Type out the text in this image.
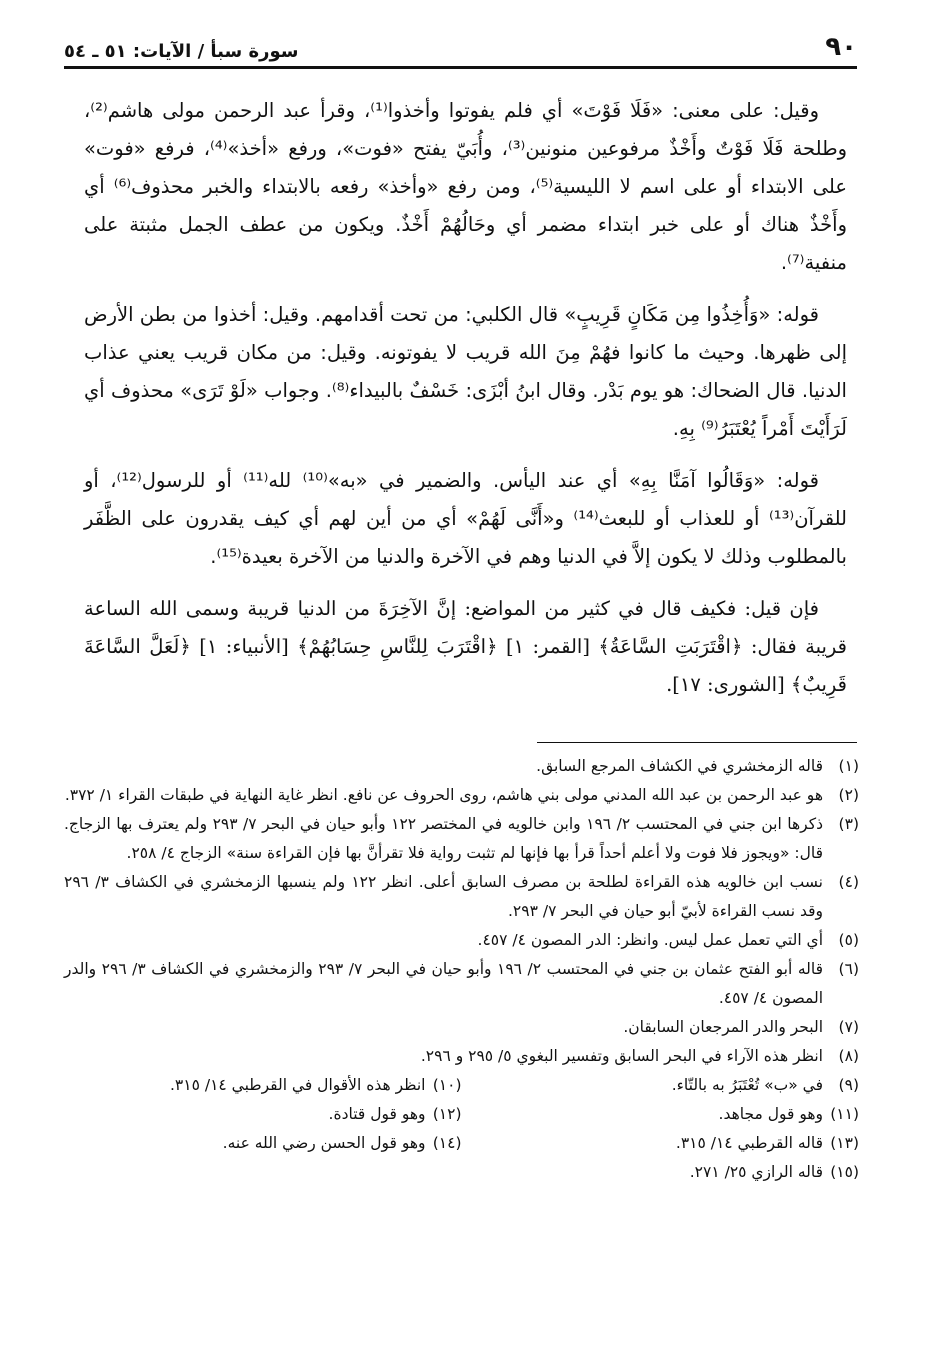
٩٠
سورة سبأ / الآيات: ٥١ ـ ٥٤

وقيل: على معنى: «فَلَا فَوْتَ» أي فلم يفوتوا وأخذوا⁽¹⁾، وقرأ عبد الرحمن مولى هاشم⁽²⁾، وطلحة فَلَا فَوْتٌ وأَخْذٌ مرفوعين منونين⁽³⁾، وأُبَيّ يفتح «فوت»، ورفع «أخذ»⁽⁴⁾، فرفع «فوت» على الابتداء أو على اسم لا الليسية⁽⁵⁾، ومن رفع «وأخذ» رفعه بالابتداء والخبر محذوف⁽⁶⁾ أي وأَخْذٌ هناك أو على خبر ابتداء مضمر أي وحَالُهُمْ أَخْذٌ. ويكون من عطف الجمل مثبتة على منفية⁽⁷⁾.

قوله: «وَأُخِذُوا مِن مَكَانٍ قَرِيبٍ» قال الكلبي: من تحت أقدامهم. وقيل: أخذوا من بطن الأرض إلى ظهرها. وحيث ما كانوا فهُمْ مِنَ الله قريب لا يفوتونه. وقيل: من مكان قريب يعني عذاب الدنيا. قال الضحاك: هو يوم بَدْر. وقال ابنُ أبْزَى: خَسْفٌ بالبيداء⁽⁸⁾. وجواب «لَوْ تَرَى» محذوف أي لَرَأَيْتَ أَمْراً يُعْتَبَرُ⁽⁹⁾ بِهِ.

قوله: «وَقَالُوا آمَنَّا بِهِ» أي عند اليأس. والضمير في «به»⁽¹⁰⁾ لله⁽¹¹⁾ أو للرسول⁽¹²⁾، أو للقرآن⁽¹³⁾ أو للعذاب أو للبعث⁽¹⁴⁾ و«أَنَّى لَهُمْ» أي من أين لهم أي كيف يقدرون على الظَّفَر بالمطلوب وذلك لا يكون إلاَّ في الدنيا وهم في الآخرة والدنيا من الآخرة بعيدة⁽¹⁵⁾.

فإن قيل: فكيف قال في كثير من المواضع: إنَّ الآخِرَةَ من الدنيا قريبة وسمى الله الساعة قريبة فقال: ﴿اقْتَرَبَتِ السَّاعَةُ﴾ [القمر: ١] ﴿اقْتَرَبَ لِلنَّاسِ حِسَابُهُمْ﴾ [الأنبياء: ١] ﴿لَعَلَّ السَّاعَةَ قَرِيبٌ﴾ [الشورى: ١٧].

(١)
قاله الزمخشري في الكشاف المرجع السابق.
(٢)
هو عبد الرحمن بن عبد الله المدني مولى بني هاشم، روى الحروف عن نافع. انظر غاية النهاية في طبقات القراء ١/ ٣٧٢.
(٣)
ذكرها ابن جني في المحتسب ٢/ ١٩٦ وابن خالويه في المختصر ١٢٢ وأبو حيان في البحر ٧/ ٢٩٣ ولم يعترف بها الزجاج. قال: «ويجوز فلا فوت ولا أعلم أحداً قرأ بها فإنها لم تثبت رواية فلا تقرأنَّ بها فإن القراءة سنة» الزجاج ٤/ ٢٥٨.
(٤)
نسب ابن خالويه هذه القراءة لطلحة بن مصرف السابق أعلى. انظر ١٢٢ ولم ينسبها الزمخشري في الكشاف ٣/ ٢٩٦ وقد نسب القراءة لأبيّ أبو حيان في البحر ٧/ ٢٩٣.
(٥)
أي التي تعمل عمل ليس. وانظر: الدر المصون ٤/ ٤٥٧.
(٦)
قاله أبو الفتح عثمان بن جني في المحتسب ٢/ ١٩٦ وأبو حيان في البحر ٧/ ٢٩٣ والزمخشري في الكشاف ٣/ ٢٩٦ والدر المصون ٤/ ٤٥٧.
(٧)
البحر والدر المرجعان السابقان.
(٨)
انظر هذه الآراء في البحر السابق وتفسير البغوي ٥/ ٢٩٥ و ٢٩٦.
(٩)
في «ب» تُعْتَبَرُ به بالتّاء.
(١٠)
انظر هذه الأقوال في القرطبي ١٤/ ٣١٥.
(١١)
وهو قول مجاهد.
(١٢)
وهو قول قتادة.
(١٣)
قاله القرطبي ١٤/ ٣١٥.
(١٤)
وهو قول الحسن رضي الله عنه.
(١٥)
قاله الرازي ٢٥/ ٢٧١.
